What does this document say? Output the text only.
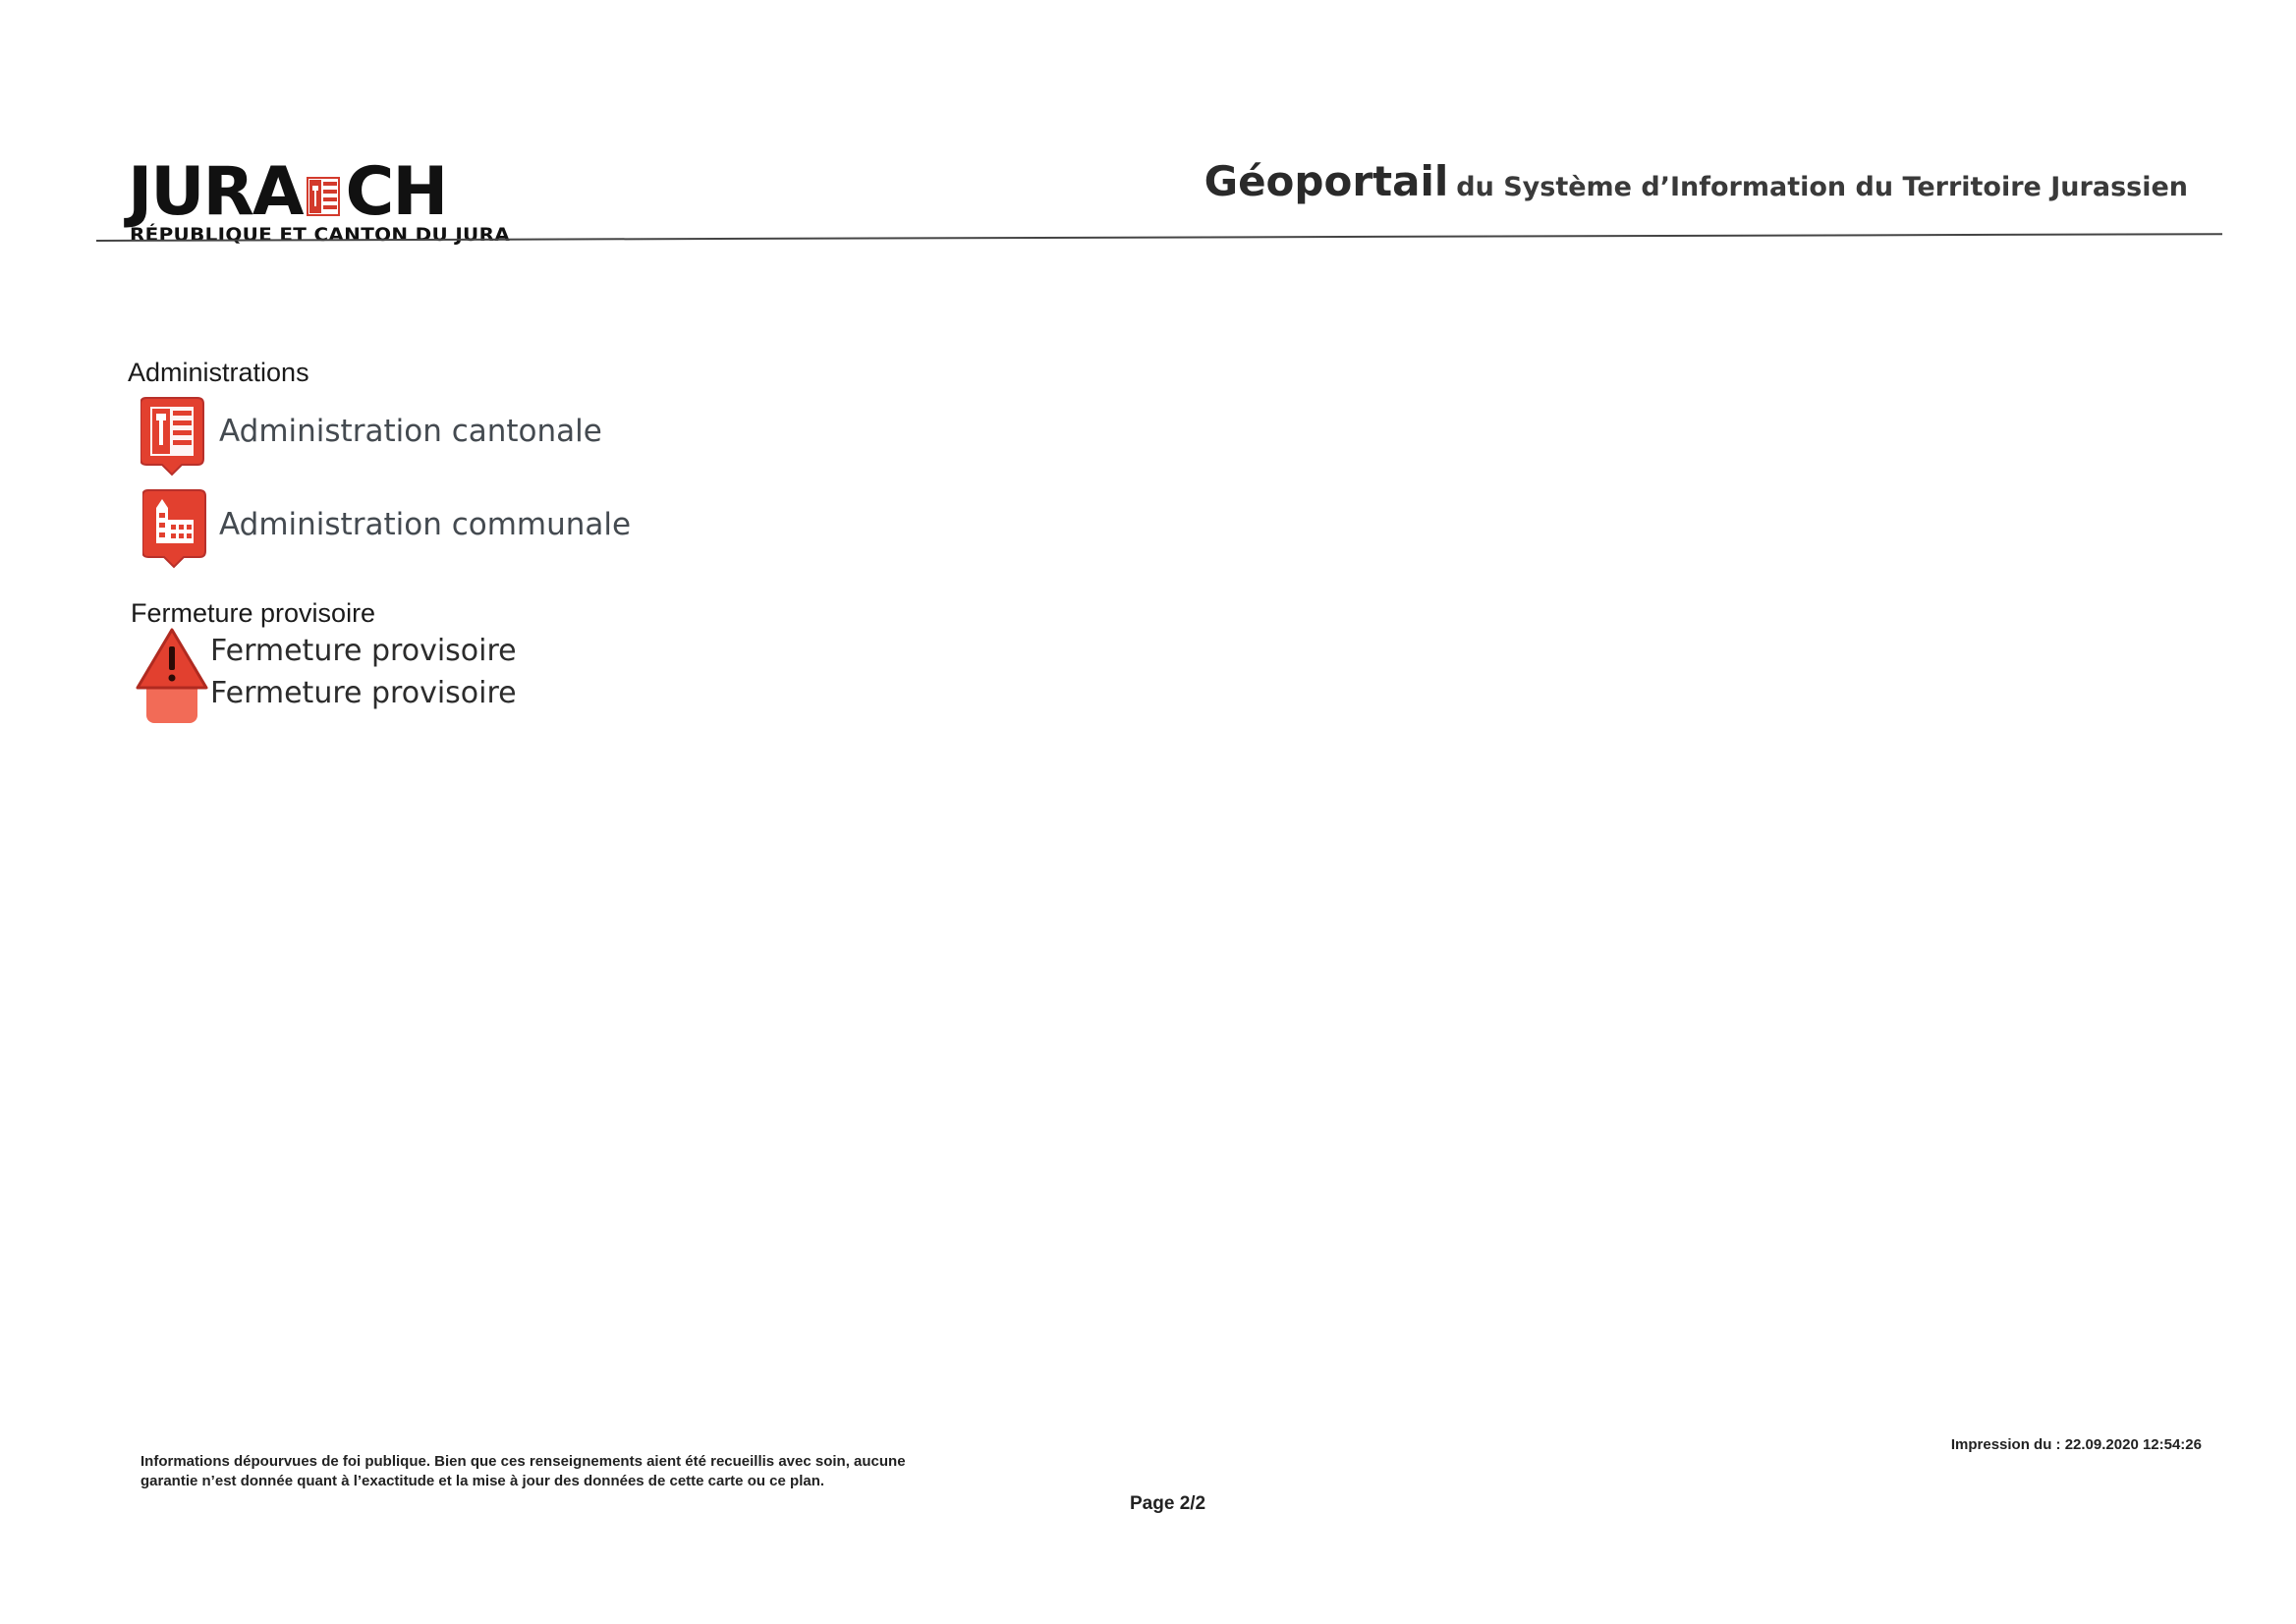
JURA CH
RÉPUBLIQUE ET CANTON DU JURA
Géoportail du Système d’Information du Territoire Jurassien
Administrations
Administration cantonale
Administration communale
Fermeture provisoire
Fermeture provisoire
Fermeture provisoire
Informations dépourvues de foi publique. Bien que ces renseignements aient été recueillis avec soin, aucune
garantie n’est donnée quant à l’exactitude et la mise à jour des données de cette carte ou ce plan.
Impression du : 22.09.2020 12:54:26
Page 2/2
